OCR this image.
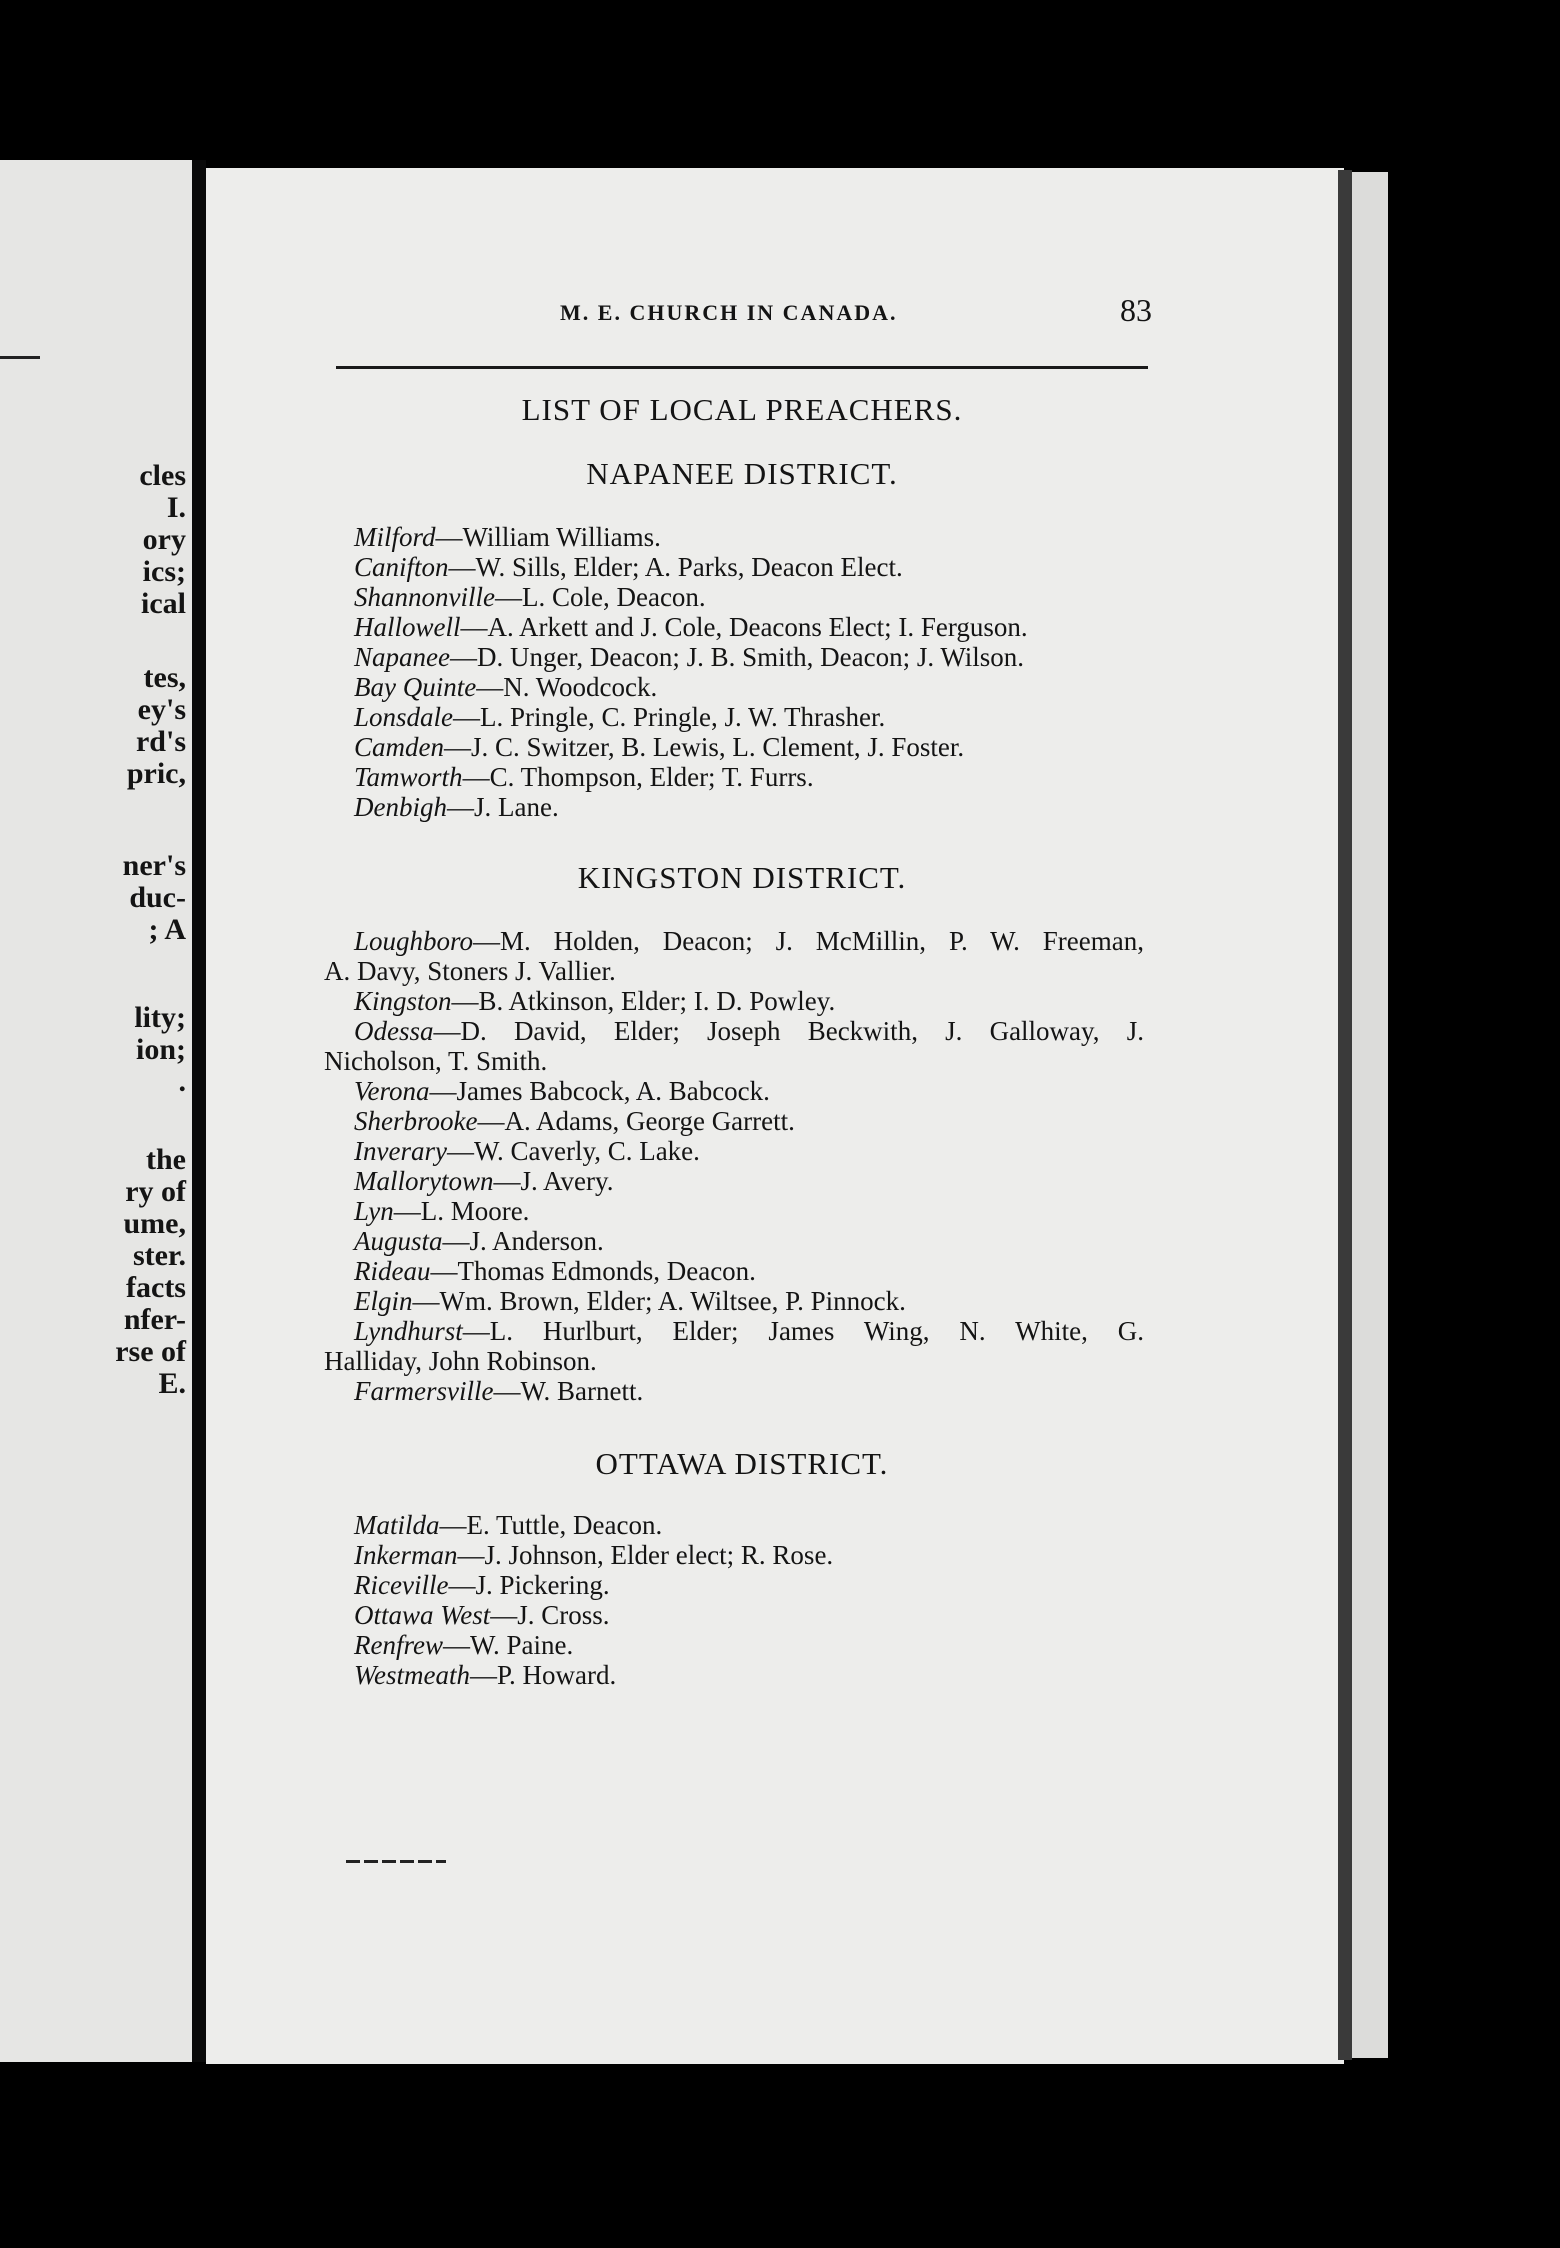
cles
I.
ory
ics;
ical
tes,
ey's
rd's
pric,
ner's
duc-
; A
lity;
ion;
.
the
ry of
ume,
ster.
facts
nfer-
rse of
E.
M. E. CHURCH IN CANADA.	83
LIST OF LOCAL PREACHERS.
NAPANEE DISTRICT.
Milford—William Williams.
Canifton—W. Sills, Elder; A. Parks, Deacon Elect.
Shannonville—L. Cole, Deacon.
Hallowell—A. Arkett and J. Cole, Deacons Elect; I. Ferguson.
Napanee—D. Unger, Deacon; J. B. Smith, Deacon; J. Wilson.
Bay Quinte—N. Woodcock.
Lonsdale—L. Pringle, C. Pringle, J. W. Thrasher.
Camden—J. C. Switzer, B. Lewis, L. Clement, J. Foster.
Tamworth—C. Thompson, Elder; T. Furrs.
Denbigh—J. Lane.
KINGSTON DISTRICT.
Loughboro—M. Holden, Deacon; J. McMillin, P. W. Freeman,
A. Davy, Stoners J. Vallier.
Kingston—B. Atkinson, Elder; I. D. Powley.
Odessa—D. David, Elder; Joseph Beckwith, J. Galloway, J.
Nicholson, T. Smith.
Verona—James Babcock, A. Babcock.
Sherbrooke—A. Adams, George Garrett.
Inverary—W. Caverly, C. Lake.
Mallorytown—J. Avery.
Lyn—L. Moore.
Augusta—J. Anderson.
Rideau—Thomas Edmonds, Deacon.
Elgin—Wm. Brown, Elder; A. Wiltsee, P. Pinnock.
Lyndhurst—L. Hurlburt, Elder; James Wing, N. White, G.
Halliday, John Robinson.
Farmersville—W. Barnett.
OTTAWA DISTRICT.
Matilda—E. Tuttle, Deacon.
Inkerman—J. Johnson, Elder elect; R. Rose.
Riceville—J. Pickering.
Ottawa West—J. Cross.
Renfrew—W. Paine.
Westmeath—P. Howard.
